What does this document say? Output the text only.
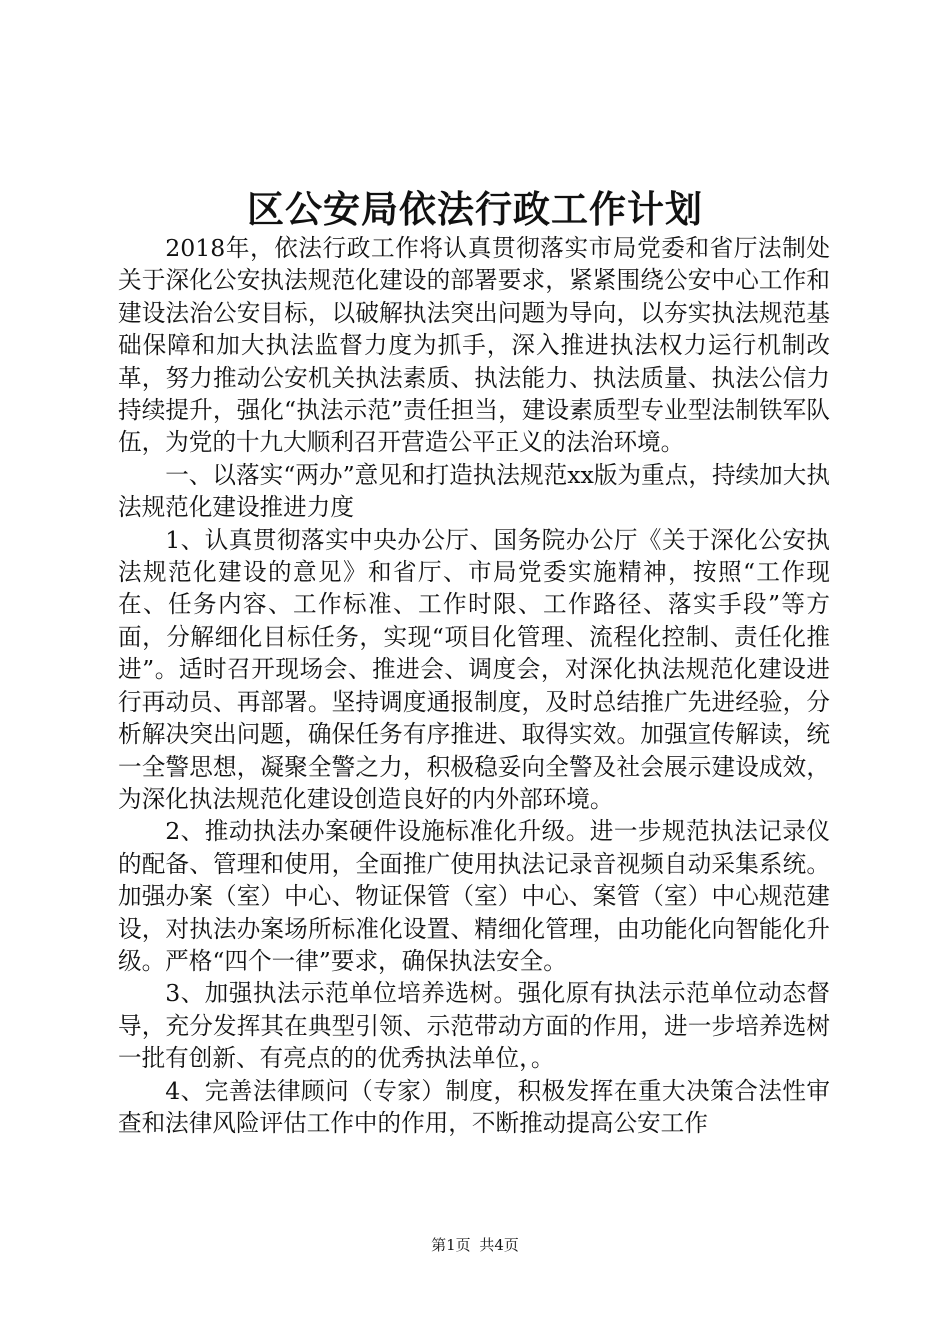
区公安局依法行政工作计划

2018年，依法行政工作将认真贯彻落实市局党委和省厅法制处关于深化公安执法规范化建设的部署要求，紧紧围绕公安中心工作和建设法治公安目标，以破解执法突出问题为导向，以夯实执法规范基础保障和加大执法监督力度为抓手，深入推进执法权力运行机制改革，努力推动公安机关执法素质、执法能力、执法质量、执法公信力持续提升，强化“执法示范”责任担当，建设素质型专业型法制铁军队伍，为党的十九大顺利召开营造公平正义的法治环境。

一、以落实“两办”意见和打造执法规范xx版为重点，持续加大执法规范化建设推进力度

1、认真贯彻落实中央办公厅、国务院办公厅《关于深化公安执法规范化建设的意见》和省厅、市局党委实施精神，按照“工作现在、任务内容、工作标准、工作时限、工作路径、落实手段”等方面，分解细化目标任务，实现“项目化管理、流程化控制、责任化推进”。适时召开现场会、推进会、调度会，对深化执法规范化建设进行再动员、再部署。坚持调度通报制度，及时总结推广先进经验，分析解决突出问题，确保任务有序推进、取得实效。加强宣传解读，统一全警思想，凝聚全警之力，积极稳妥向全警及社会展示建设成效，为深化执法规范化建设创造良好的内外部环境。

2、推动执法办案硬件设施标准化升级。进一步规范执法记录仪的配备、管理和使用，全面推广使用执法记录音视频自动采集系统。加强办案（室）中心、物证保管（室）中心、案管（室）中心规范建设，对执法办案场所标准化设置、精细化管理，由功能化向智能化升级。严格“四个一律”要求，确保执法安全。

3、加强执法示范单位培养选树。强化原有执法示范单位动态督导，充分发挥其在典型引领、示范带动方面的作用，进一步培养选树一批有创新、有亮点的的优秀执法单位，。

4、完善法律顾问（专家）制度，积极发挥在重大决策合法性审查和法律风险评估工作中的作用，不断推动提高公安工作

第1页 共4页
